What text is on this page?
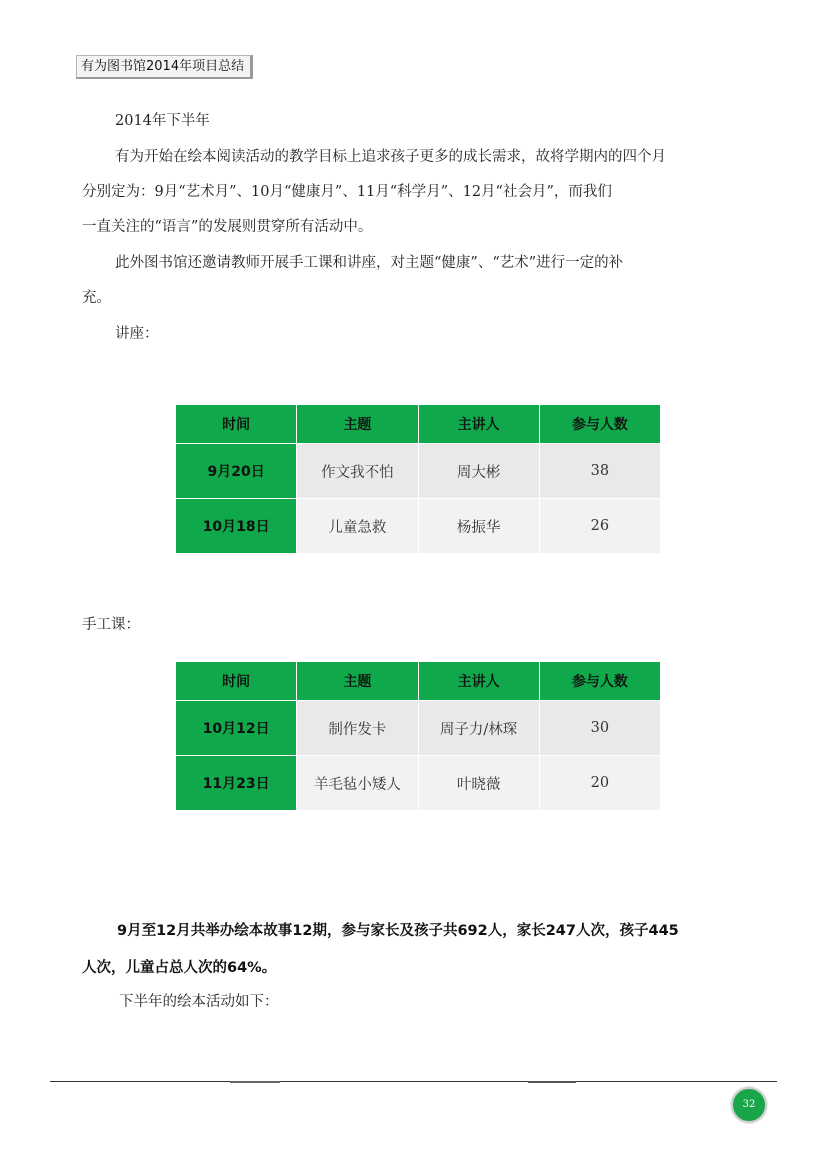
有为图书馆2014年项目总结

2014年下半年

有为开始在绘本阅读活动的教学目标上追求孩子更多的成长需求，故将学期内的四个月

分别定为：9月“艺术月”、10月“健康月”、11月“科学月”、12月“社会月”，而我们

一直关注的“语言”的发展则贯穿所有活动中。

此外图书馆还邀请教师开展手工课和讲座，对主题“健康”、“艺术”进行一定的补

充。

讲座：

时间	主题	主讲人	参与人数
9月20日	作文我不怕	周大彬	38
10月18日	儿童急救	杨振华	26

手工课：

时间	主题	主讲人	参与人数
10月12日	制作发卡	周子力/林琛	30
11月23日	羊毛毡小矮人	叶晓薇	20

9月至12月共举办绘本故事12期，参与家长及孩子共692人，家长247人次，孩子445

人次，儿童占总人次的64%。

下半年的绘本活动如下：

32
